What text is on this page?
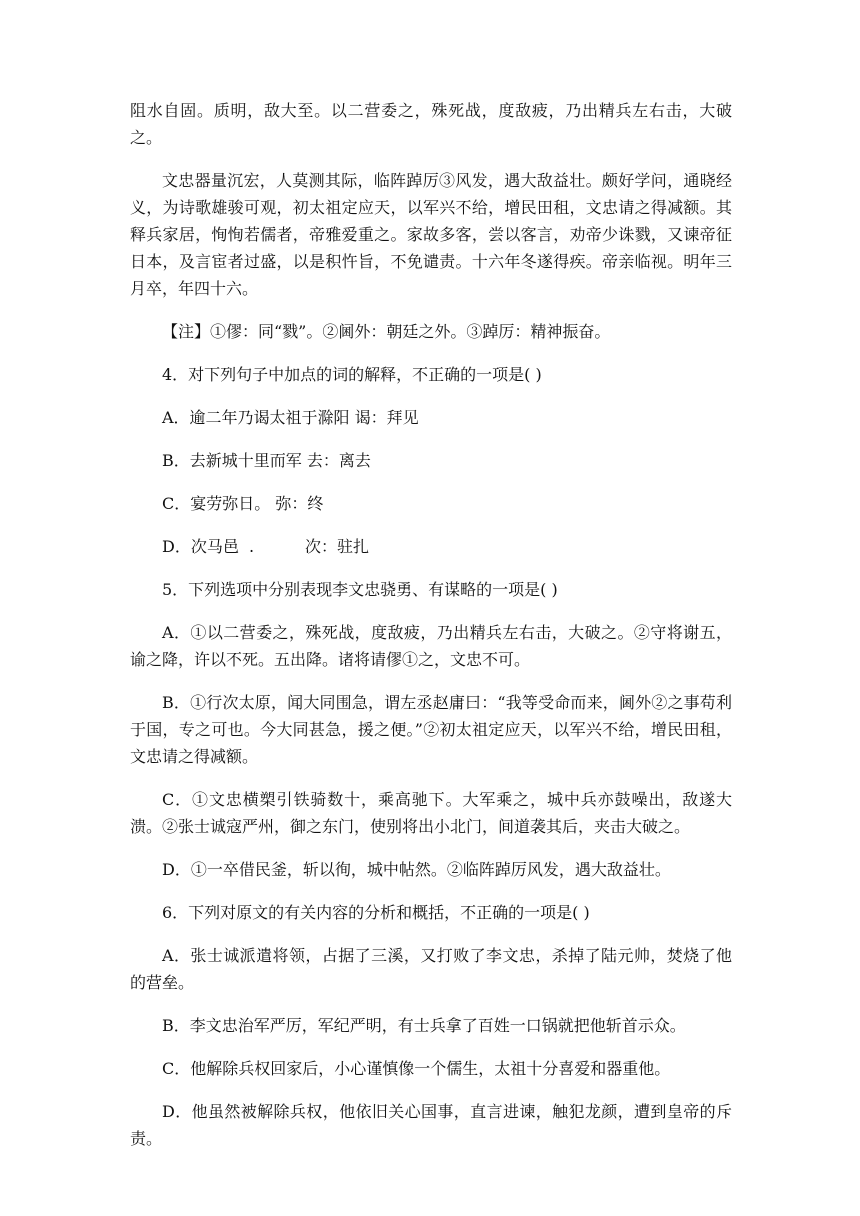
阻水自固。质明，敌大至。以二营委之，殊死战，度敌疲，乃出精兵左右击，大破之。

文忠器量沉宏，人莫测其际，临阵踔厉③风发，遇大敌益壮。颇好学问，通晓经义，为诗歌雄骏可观，初太祖定应天，以军兴不给，增民田租，文忠请之得减额。其释兵家居，恂恂若儒者，帝雅爱重之。家故多客，尝以客言，劝帝少诛戮，又谏帝征日本，及言宦者过盛，以是积忤旨，不免谴责。十六年冬遂得疾。帝亲临视。明年三月卒，年四十六。

【注】①僇：同“戮”。②阃外：朝廷之外。③踔厉：精神振奋。

4．对下列句子中加点的词的解释，不正确的一项是( )

A．逾二年乃谒太祖于滁阳 谒：拜见

B．去新城十里而军 去：离去

C．宴劳弥日。 弥：终

D．次马邑  .          次：驻扎

5．下列选项中分别表现李文忠骁勇、有谋略的一项是( )

A．①以二营委之，殊死战，度敌疲，乃出精兵左右击，大破之。②守将谢五，谕之降，许以不死。五出降。诸将请僇①之，文忠不可。

B．①行次太原，闻大同围急，谓左丞赵庸曰：“我等受命而来，阃外②之事苟利于国，专之可也。今大同甚急，援之便。”②初太祖定应天，以军兴不给，增民田租，文忠请之得减额。

C．①文忠横槊引铁骑数十，乘高驰下。大军乘之，城中兵亦鼓噪出，敌遂大溃。②张士诚寇严州，御之东门，使别将出小北门，间道袭其后，夹击大破之。

D．①一卒借民釜，斩以徇，城中帖然。②临阵踔厉风发，遇大敌益壮。

6．下列对原文的有关内容的分析和概括，不正确的一项是( )

A．张士诚派遣将领，占据了三溪，又打败了李文忠，杀掉了陆元帅，焚烧了他的营垒。

B．李文忠治军严厉，军纪严明，有士兵拿了百姓一口锅就把他斩首示众。

C．他解除兵权回家后，小心谨慎像一个儒生，太祖十分喜爱和器重他。

D．他虽然被解除兵权，他依旧关心国事，直言进谏，触犯龙颜，遭到皇帝的斥责。
